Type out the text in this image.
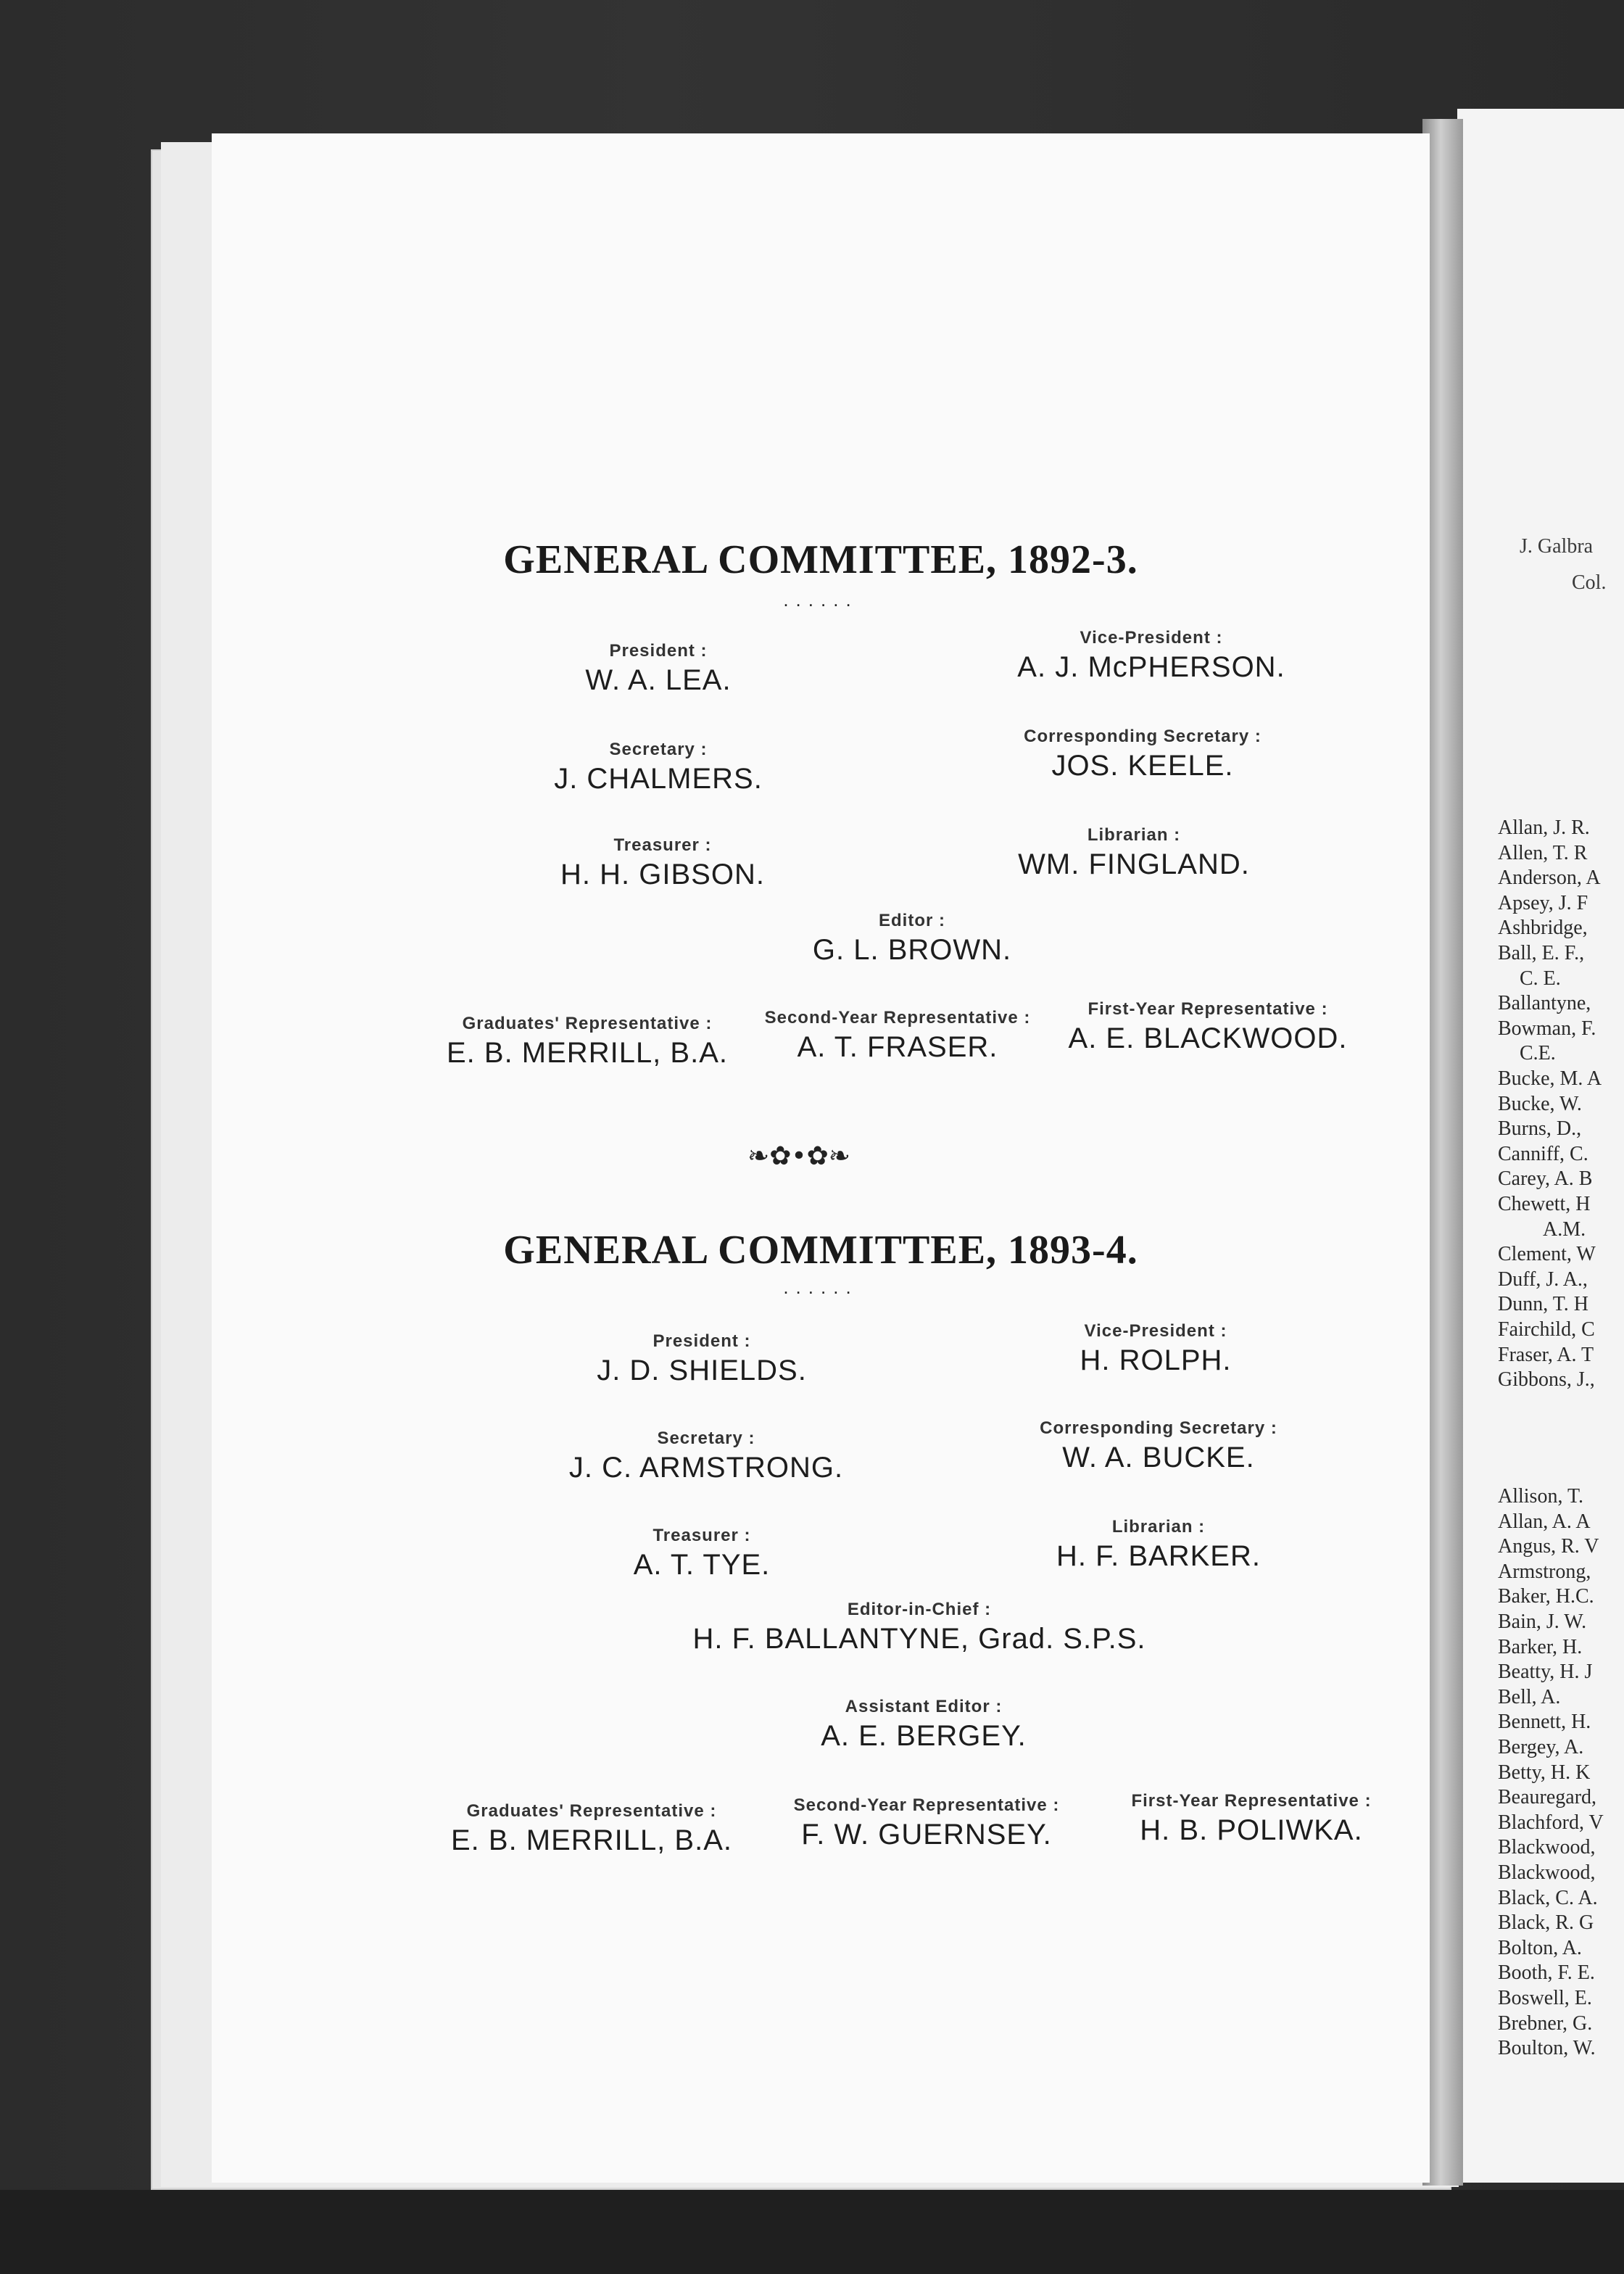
GENERAL COMMITTEE, 1892-3.
......
President :
W. A. LEA.
Vice-President :
A. J. McPHERSON.
Secretary :
J. CHALMERS.
Corresponding Secretary :
JOS. KEELE.
Treasurer :
H. H. GIBSON.
Librarian :
WM. FINGLAND.
Editor :
G. L. BROWN.
Graduates' Representative :
E. B. MERRILL, B.A.
Second-Year Representative :
A. T. FRASER.
First-Year Representative :
A. E. BLACKWOOD.
❧✿•✿❧
GENERAL COMMITTEE, 1893-4.
......
President :
J. D. SHIELDS.
Vice-President :
H. ROLPH.
Secretary :
J. C. ARMSTRONG.
Corresponding Secretary :
W. A. BUCKE.
Treasurer :
A. T. TYE.
Librarian :
H. F. BARKER.
Editor-in-Chief :
H. F. BALLANTYNE, Grad. S.P.S.
Assistant Editor :
A. E. BERGEY.
Graduates' Representative :
E. B. MERRILL, B.A.
Second-Year Representative :
F. W. GUERNSEY.
First-Year Representative :
H. B. POLIWKA.
J. Galbra
Col.
Allan, J. R.
Allen, T. R
Anderson, A
Apsey, J. F
Ashbridge,
Ball, E. F.,
C. E.
Ballantyne,
Bowman, F.
C.E.
Bucke, M. A
Bucke, W.
Burns, D.,
Canniff, C.
Carey, A. B
Chewett, H
A.M.
Clement, W
Duff, J. A.,
Dunn, T. H
Fairchild, C
Fraser, A. T
Gibbons, J.,
Allison, T.
Allan, A. A
Angus, R. V
Armstrong,
Baker, H.C.
Bain, J. W.
Barker, H.
Beatty, H. J
Bell, A.
Bennett, H.
Bergey, A.
Betty, H. K
Beauregard,
Blachford, V
Blackwood,
Blackwood,
Black, C. A.
Black, R. G
Bolton, A.
Booth, F. E.
Boswell, E.
Brebner, G.
Boulton, W.
